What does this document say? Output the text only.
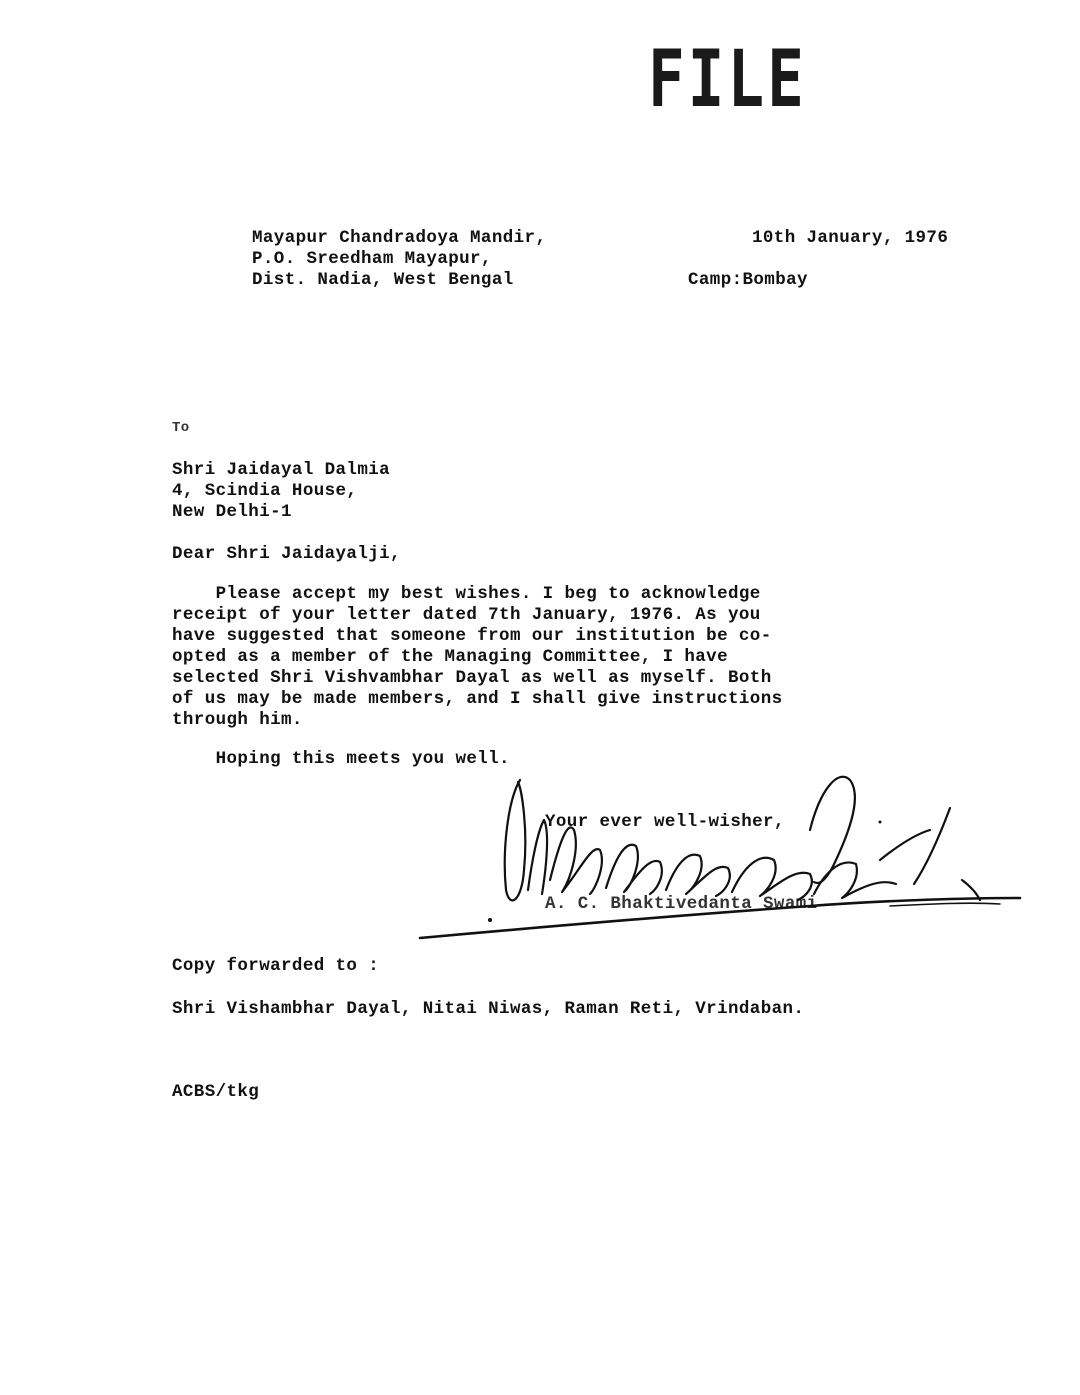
FILE
Mayapur Chandradoya Mandir,
P.O. Sreedham Mayapur,
Dist. Nadia, West Bengal
10th January, 1976
Camp:Bombay
To
Shri Jaidayal Dalmia
4, Scindia House,
New Delhi-1
Dear Shri Jaidayalji,
Please accept my best wishes. I beg to acknowledge
receipt of your letter dated 7th January, 1976. As you
have suggested that someone from our institution be co-
opted as a member of the Managing Committee, I have
selected Shri Vishvambhar Dayal as well as myself. Both
of us may be made members, and I shall give instructions
through him.
Hoping this meets you well.
Your ever well-wisher,
A. C. Bhaktivedanta Swami
Copy forwarded to :
Shri Vishambhar Dayal, Nitai Niwas, Raman Reti, Vrindaban.
ACBS/tkg
